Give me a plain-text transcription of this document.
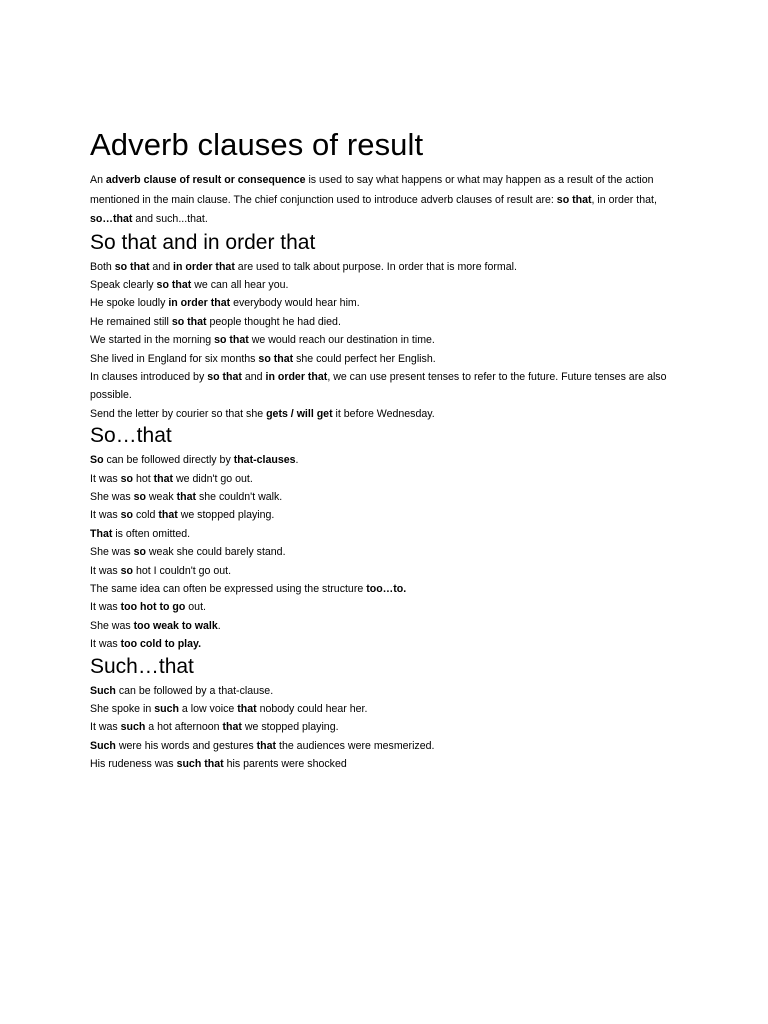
Adverb clauses of result

An adverb clause of result or consequence is used to say what happens or what may happen as a result of the action mentioned in the main clause. The chief conjunction used to introduce adverb clauses of result are: so that, in order that, so…that and such...that.

So that and in order that

Both so that and in order that are used to talk about purpose. In order that is more formal.

Speak clearly so that we can all hear you.

He spoke loudly in order that everybody would hear him.

He remained still so that people thought he had died.

We started in the morning so that we would reach our destination in time.

She lived in England for six months so that she could perfect her English.

In clauses introduced by so that and in order that, we can use present tenses to refer to the future. Future tenses are also possible.

Send the letter by courier so that she gets / will get it before Wednesday.

So…that

So can be followed directly by that-clauses.

It was so hot that we didn't go out.

She was so weak that she couldn't walk.

It was so cold that we stopped playing.

That is often omitted.

She was so weak she could barely stand.

It was so hot I couldn't go out.

The same idea can often be expressed using the structure too…to.

It was too hot to go out.

She was too weak to walk.

It was too cold to play.

Such…that

Such can be followed by a that-clause.

She spoke in such a low voice that nobody could hear her.

It was such a hot afternoon that we stopped playing.

Such were his words and gestures that the audiences were mesmerized.

His rudeness was such that his parents were shocked
